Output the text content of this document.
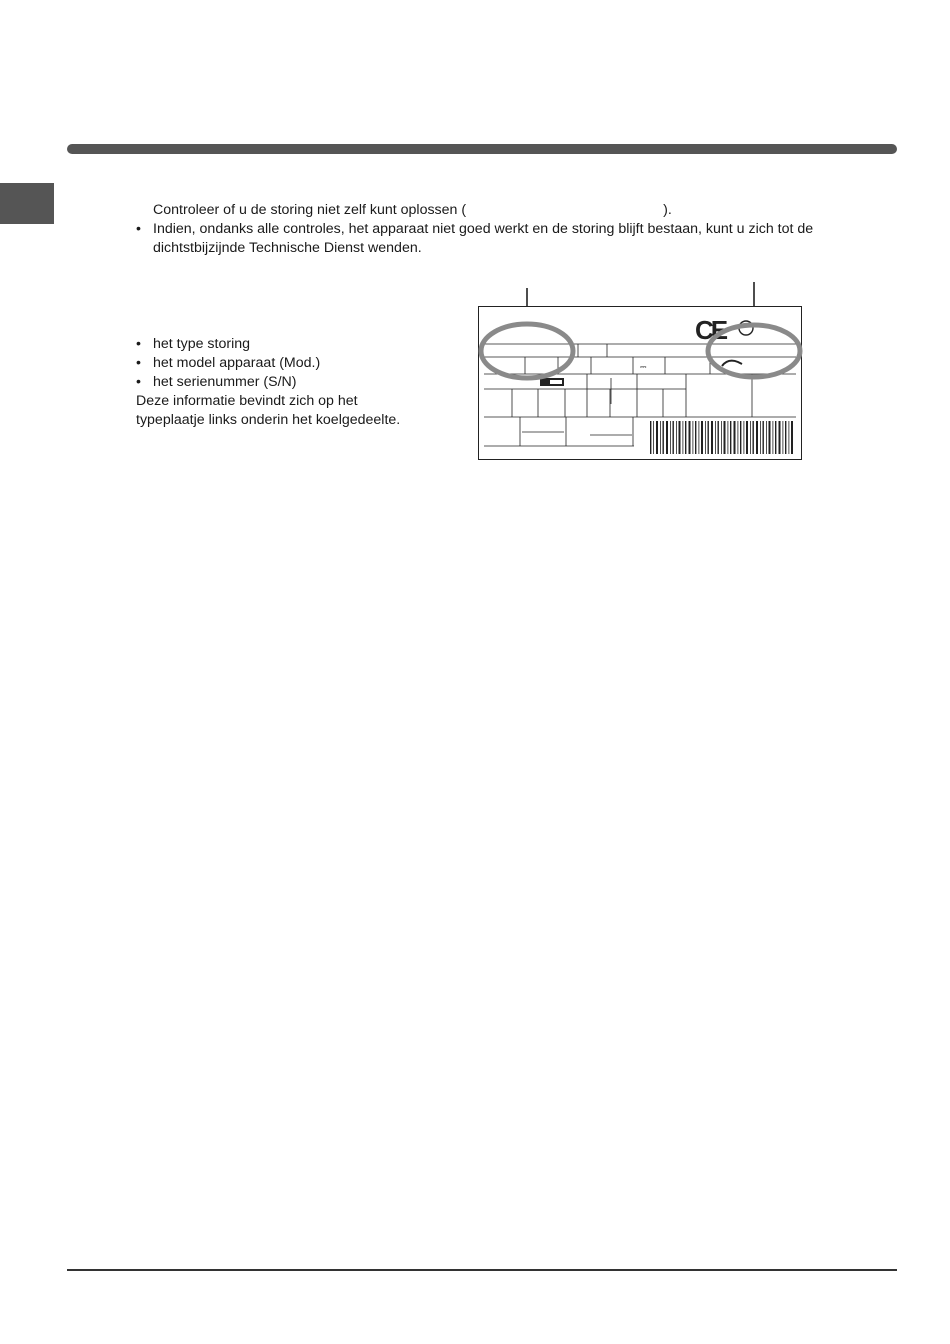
Controleer of u de storing niet zelf kunt oplossen (	).
• Indien, ondanks alle controles, het apparaat niet goed werkt en de storing blijft bestaan, kunt u zich tot de
dichtstbijzijnde Technische Dienst wenden.
• het type storing
• het model apparaat (Mod.)
• het serienummer (S/N)
Deze informatie bevindt zich op het
typeplaatje links onderin het koelgedeelte.
CE
⎓
